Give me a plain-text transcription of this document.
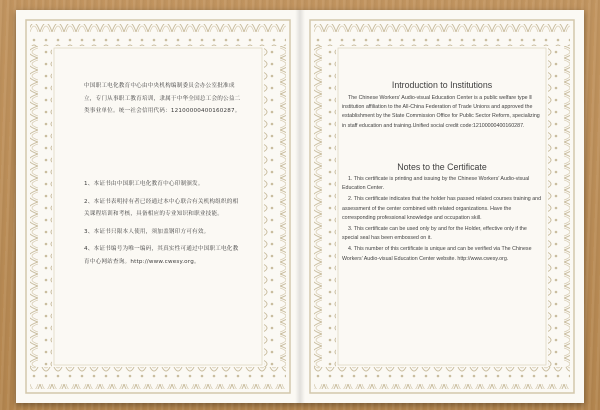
中国职工电化教育中心由中央机构编制委员会办公室批准成立，专门从事职工教育培训，隶属于中华全国总工会的公益二类事业单位。统一社会信用代码：12100000400160287。

1、本证书由中国职工电化教育中心印制颁发。

2、本证书表明持有者已经通过本中心联合有关机构组织的相关课程培训和考核，具备相应的专业知识和职业技能。

3、本证书只限本人使用，须加盖钢印方可有效。

4、本证书编号为唯一编码，其真实性可通过中国职工电化教育中心网站查询。http://www.cwesy.org。

Introduction to Institutions

The Chinese Workers’ Audio-visual Education Center is a public welfare type Ⅱ institution affiliation to the All-China Federation of Trade Unions and approved the establishment by the State Commission Office for Public Sector Reform, specializing in staff education and training.Unified social credit code:12100000400160287.

Notes to the Certificate

1. This certificate is printing and issuing by the Chinese Workers’ Audio-visual Education Center.

2. This certificate indicates that the holder has passed related courses training and assessment of the center combined with related organizations. Have the corresponding professional knowledge and occupation skill.

3. This certificate can be used only by and for the Holder, effective only if the special seal has been embossed on it.

4. This number of this certificate is unique and can be verified via The Chinese Workers’ Audio-visual Education Center website. http://www.cwesy.org.
